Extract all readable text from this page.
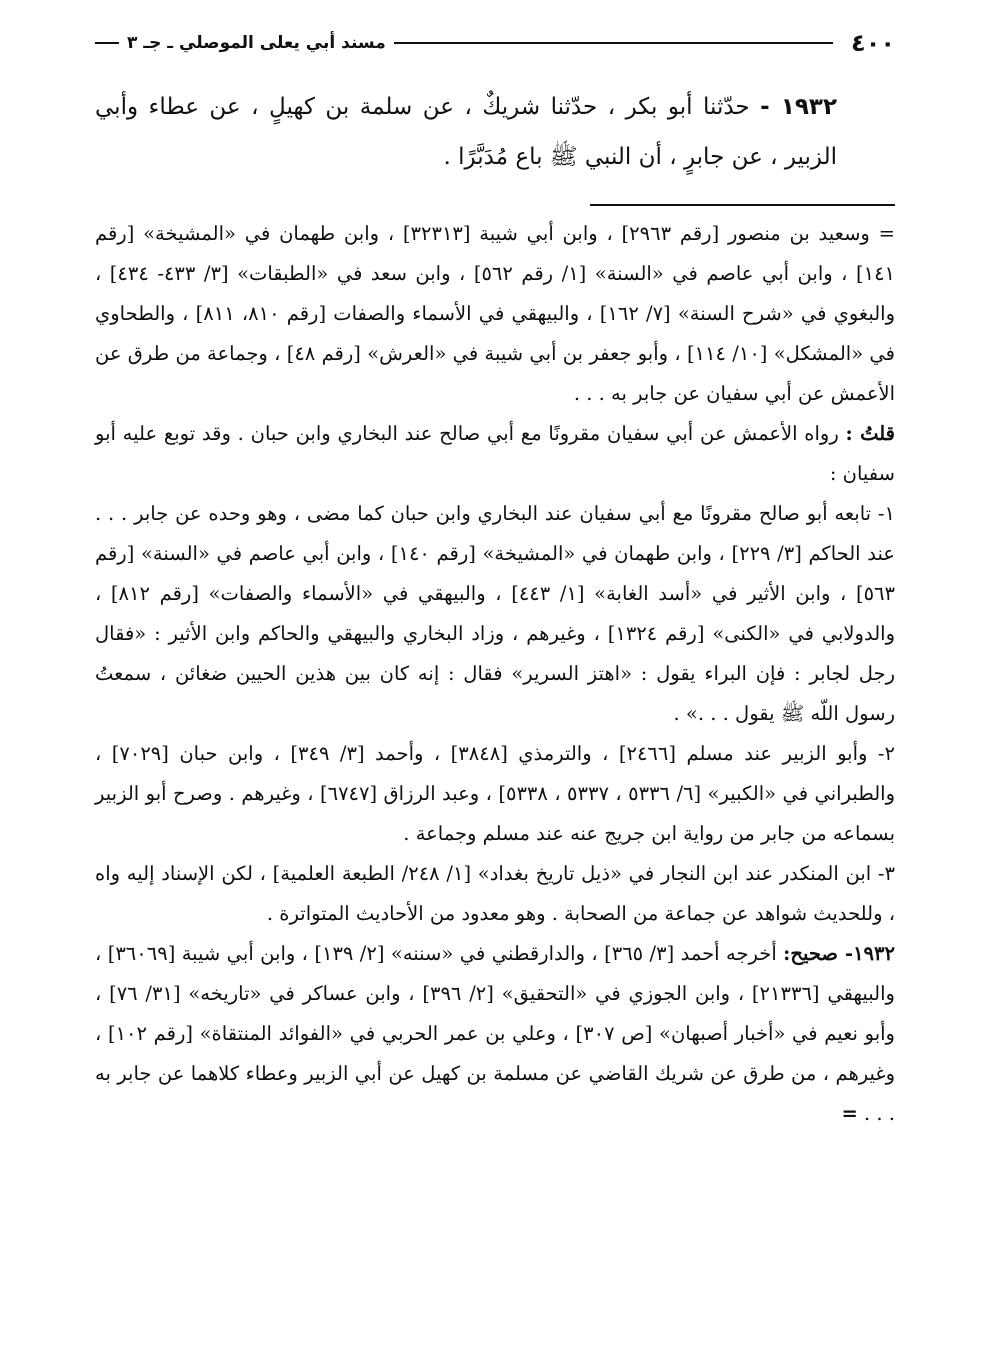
٤٠٠
مسند أبي يعلى الموصلي ـ جـ ٣
١٩٣٢ - حدّثنا أبو بكر ، حدّثنا شريكٌ ، عن سلمة بن كهيلٍ ، عن عطاء وأبي الزبير ، عن جابرٍ ، أن النبي ﷺ باع مُدَبَّرًا .

= وسعيد بن منصور [رقم ٢٩٦٣] ، وابن أبي شيبة [٣٢٣١٣] ، وابن طهمان في «المشيخة» [رقم ١٤١] ، وابن أبي عاصم في «السنة» [١/ رقم ٥٦٢] ، وابن سعد في «الطبقات» [٣/ ٤٣٣- ٤٣٤] ، والبغوي في «شرح السنة» [٧/ ١٦٢] ، والبيهقي في الأسماء والصفات [رقم ٨١٠، ٨١١] ، والطحاوي في «المشكل» [١٠/ ١١٤] ، وأبو جعفر بن أبي شيبة في «العرش» [رقم ٤٨] ، وجماعة من طرق عن الأعمش عن أبي سفيان عن جابر به . . .

قلتُ : رواه الأعمش عن أبي سفيان مقرونًا مع أبي صالح عند البخاري وابن حبان . وقد توبع عليه أبو سفيان :

١- تابعه أبو صالح مقرونًا مع أبي سفيان عند البخاري وابن حبان كما مضى ، وهو وحده عن جابر . . . عند الحاكم [٣/ ٢٢٩] ، وابن طهمان في «المشيخة» [رقم ١٤٠] ، وابن أبي عاصم في «السنة» [رقم ٥٦٣] ، وابن الأثير في «أسد الغابة» [١/ ٤٤٣] ، والبيهقي في «الأسماء والصفات» [رقم ٨١٢] ، والدولابي في «الكنى» [رقم ١٣٢٤] ، وغيرهم ، وزاد البخاري والبيهقي والحاكم وابن الأثير : «فقال رجل لجابر : فإن البراء يقول : «اهتز السرير» فقال : إنه كان بين هذين الحيين ضغائن ، سمعتُ رسول اللّه ﷺ يقول . . .» .

٢- وأبو الزبير عند مسلم [٢٤٦٦] ، والترمذي [٣٨٤٨] ، وأحمد [٣/ ٣٤٩] ، وابن حبان [٧٠٢٩] ، والطبراني في «الكبير» [٦/ ٥٣٣٦ ، ٥٣٣٧ ، ٥٣٣٨] ، وعبد الرزاق [٦٧٤٧] ، وغيرهم . وصرح أبو الزبير بسماعه من جابر من رواية ابن جريج عنه عند مسلم وجماعة .

٣- ابن المنكدر عند ابن النجار في «ذيل تاريخ بغداد» [١/ ٢٤٨/ الطبعة العلمية] ، لكن الإسناد إليه واه ، وللحديث شواهد عن جماعة من الصحابة . وهو معدود من الأحاديث المتواترة .

١٩٣٢- صحيح: أخرجه أحمد [٣/ ٣٦٥] ، والدارقطني في «سننه» [٢/ ١٣٩] ، وابن أبي شيبة [٣٦٠٦٩] ، والبيهقي [٢١٣٣٦] ، وابن الجوزي في «التحقيق» [٢/ ٣٩٦] ، وابن عساكر في «تاريخه» [٣١/ ٧٦] ، وأبو نعيم في «أخبار أصبهان» [ص ٣٠٧] ، وعلي بن عمر الحربي في «الفوائد المنتقاة» [رقم ١٠٢] ، وغيرهم ، من طرق عن شريك القاضي عن مسلمة بن كهيل عن أبي الزبير وعطاء كلاهما عن جابر به . . . =
